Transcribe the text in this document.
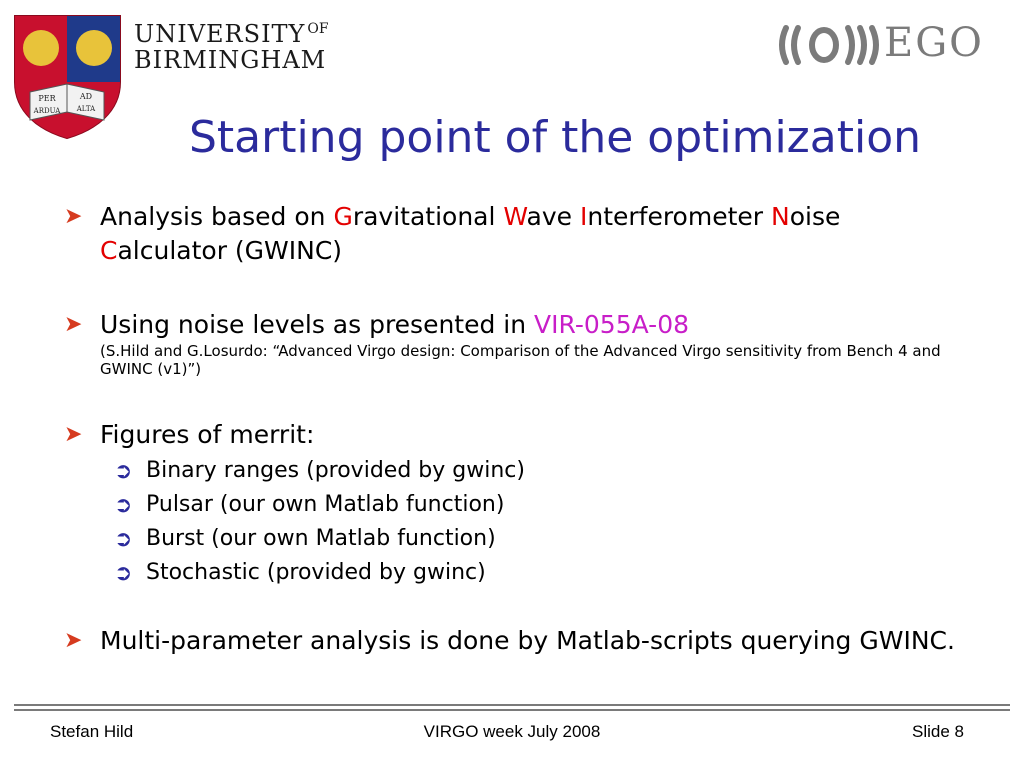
PER	AD
ARDUA ALTA
UNIVERSITY $^{OF}$
BIRMINGHAM	EGO
Starting point of the optimization
➤ Analysis based on Gravitational Wave Interferometer Noise Calculator (GWINC)
➤ Using noise levels as presented in VIR-055A-08
(S.Hild and G.Losurdo: “Advanced Virgo design: Comparison of the Advanced Virgo sensitivity from Bench 4 and GWINC (v1)”)
➤ Figures of merrit:
➲ Binary ranges (provided by gwinc)
➲ Pulsar (our own Matlab function)
➲ Burst (our own Matlab function)
➲ Stochastic (provided by gwinc)
➤ Multi-parameter analysis is done by Matlab-scripts querying GWINC.
Stefan Hild	VIRGO week July 2008	Slide 8
